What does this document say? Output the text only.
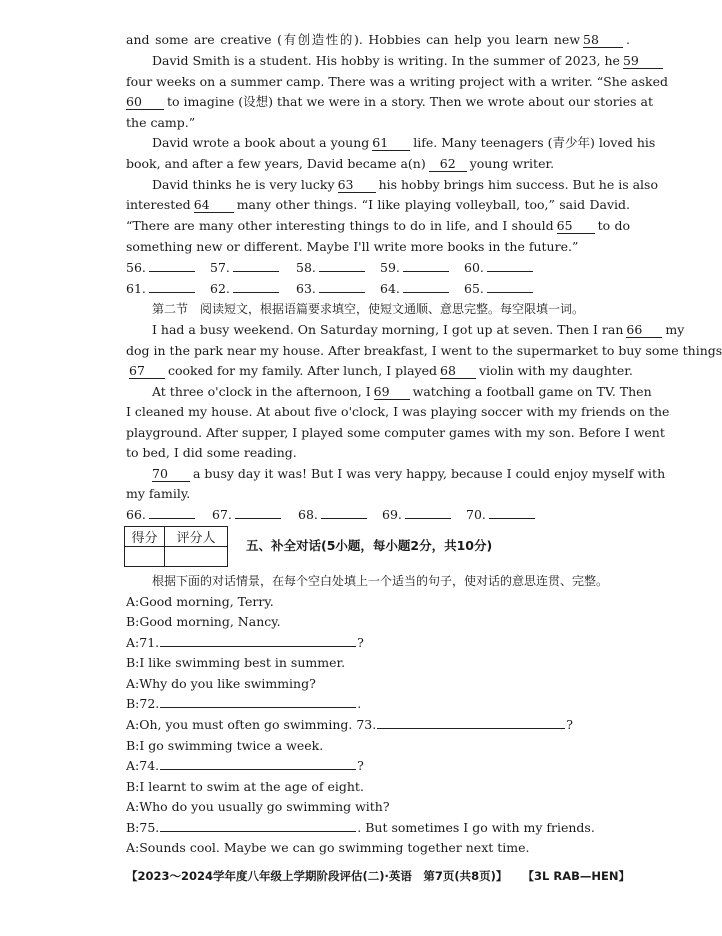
and some are creative (有创造性的). Hobbies can help you learn new 58 .
David Smith is a student. His hobby is writing. In the summer of 2023, he 59
four weeks on a summer camp. There was a writing project with a writer. “She asked
60 to imagine (设想) that we were in a story. Then we wrote about our stories at
the camp.”
David wrote a book about a young 61 life. Many teenagers (青少年) loved his
book, and after a few years, David became a(n) 62 young writer.
David thinks he is very lucky 63 his hobby brings him success. But he is also
interested 64 many other things. “I like playing volleyball, too,” said David.
“There are many other interesting things to do in life, and I should 65 to do
something new or different. Maybe I'll write more books in the future.”
56.	57.	58.	59.	60.
61.	62.	63.	64.	65.
第二节　阅读短文，根据语篇要求填空，使短文通顺、意思完整。每空限填一词。
I had a busy weekend. On Saturday morning, I got up at seven. Then I ran 66 my
dog in the park near my house. After breakfast, I went to the supermarket to buy some things
67 cooked for my family. After lunch, I played 68 violin with my daughter.
At three o'clock in the afternoon, I 69 watching a football game on TV. Then
I cleaned my house. At about five o'clock, I was playing soccer with my friends on the
playground. After supper, I played some computer games with my son. Before I went
to bed, I did some reading.
70 a busy day it was! But I was very happy, because I could enjoy myself with
my family.
66.	67.	68.	69.	70.
得分	评分人
	五、补全对话(5小题，每小题2分，共10分)
根据下面的对话情景，在每个空白处填上一个适当的句子，使对话的意思连贯、完整。
A:Good morning, Terry.
B:Good morning, Nancy.
A:71.	?
B:I like swimming best in summer.
A:Why do you like swimming?
B:72.	.
A:Oh, you must often go swimming. 73.	?
B:I go swimming twice a week.
A:74.	?
B:I learnt to swim at the age of eight.
A:Who do you usually go swimming with?
B:75.	. But sometimes I go with my friends.
A:Sounds cool. Maybe we can go swimming together next time.
【2023～2024学年度八年级上学期阶段评估(二)·英语　第7页(共8页)】 【3L RAB—HEN】
